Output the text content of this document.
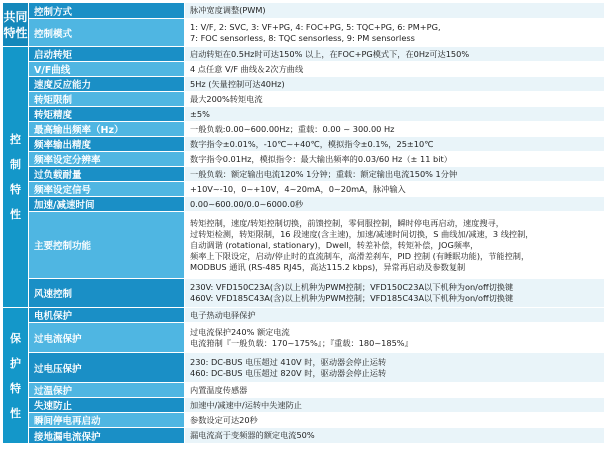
共同
特性	控制方式	脉冲宽度调整(PWM)

	控制模式	1: V/F, 2: SVC, 3: VF+PG, 4: FOC+PG, 5: TQC+PG, 6: PM+PG,
7: FOC sensorless, 8: TQC sensorless, 9: PM sensorless

控
制
特
性	启动转矩	启动转矩在0.5Hz时可达150% 以上，在FOC+PG模式下，在0Hz可达150%

	V/F曲线	4 点任意 V/F 曲线＆2次方曲线

	速度反应能力	5Hz (矢量控制可达40Hz)

	转矩限制	最大200%转矩电流

	转矩精度	±5%

	最高输出频率（Hz）	一般负载:0.00~600.00Hz；重载：0.00 ~ 300.00 Hz

	频率输出精度	数字指令±0.01%，-10℃~+40℃，模拟指令±0.1%，25±10℃

	频率设定分辨率	数字指令0.01Hz，模拟指令：最大输出频率的0.03/60 Hz（± 11 bit）

	过负载耐量	一般负载：额定输出电流120% 1分钟；重载：额定输出电流150% 1分钟

	频率设定信号	+10V~-10，0~+10V，4~20mA，0~20mA，脉冲输入

	加速/减速时间	0.00~600.00/0.0~6000.0秒

	主要控制功能	转矩控制，速度/转矩控制切换，前馈控制，零伺服控制，瞬时停电再启动，速度搜寻，
过转矩检测，转矩限制，16 段速度(含主速)，加速/减速时间切换，S 曲线加/减速，3 线控制，
自动调谐 (rotational, stationary)，Dwell，转差补偿，转矩补偿，JOG频率，
频率上下限设定，启动/停止时的直流制车，高滑差刹车，PID 控制 (有睡眠功能)，节能控制，
MODBUS 通讯 (RS-485 RJ45，高达115.2 kbps)，异常再启动及参数复制

	风速控制	230V: VFD150C23A(含)以上机种为PWM控制；VFD150C23A以下机种为on/off切换键
460V: VFD185C43A(含)以上机种为PWM控制；VFD185C43A以下机种为on/off切换键

保
护
特
性	电机保护	电子热动电驿保护

	过电流保护	过电流保护240% 额定电流
电流箝制『一般负载：170~175%』；『重载：180~185%』

	过电压保护	230: DC-BUS 电压超过 410V 时，驱动器会停止运转
460: DC-BUS 电压超过 820V 时，驱动器会停止运转

	过温保护	内置温度传感器

	失速防止	加速中/减速中/运转中失速防止

	瞬间停电再启动	参数设定可达20秒

	接地漏电流保护	漏电流高于变频器的额定电流50%
